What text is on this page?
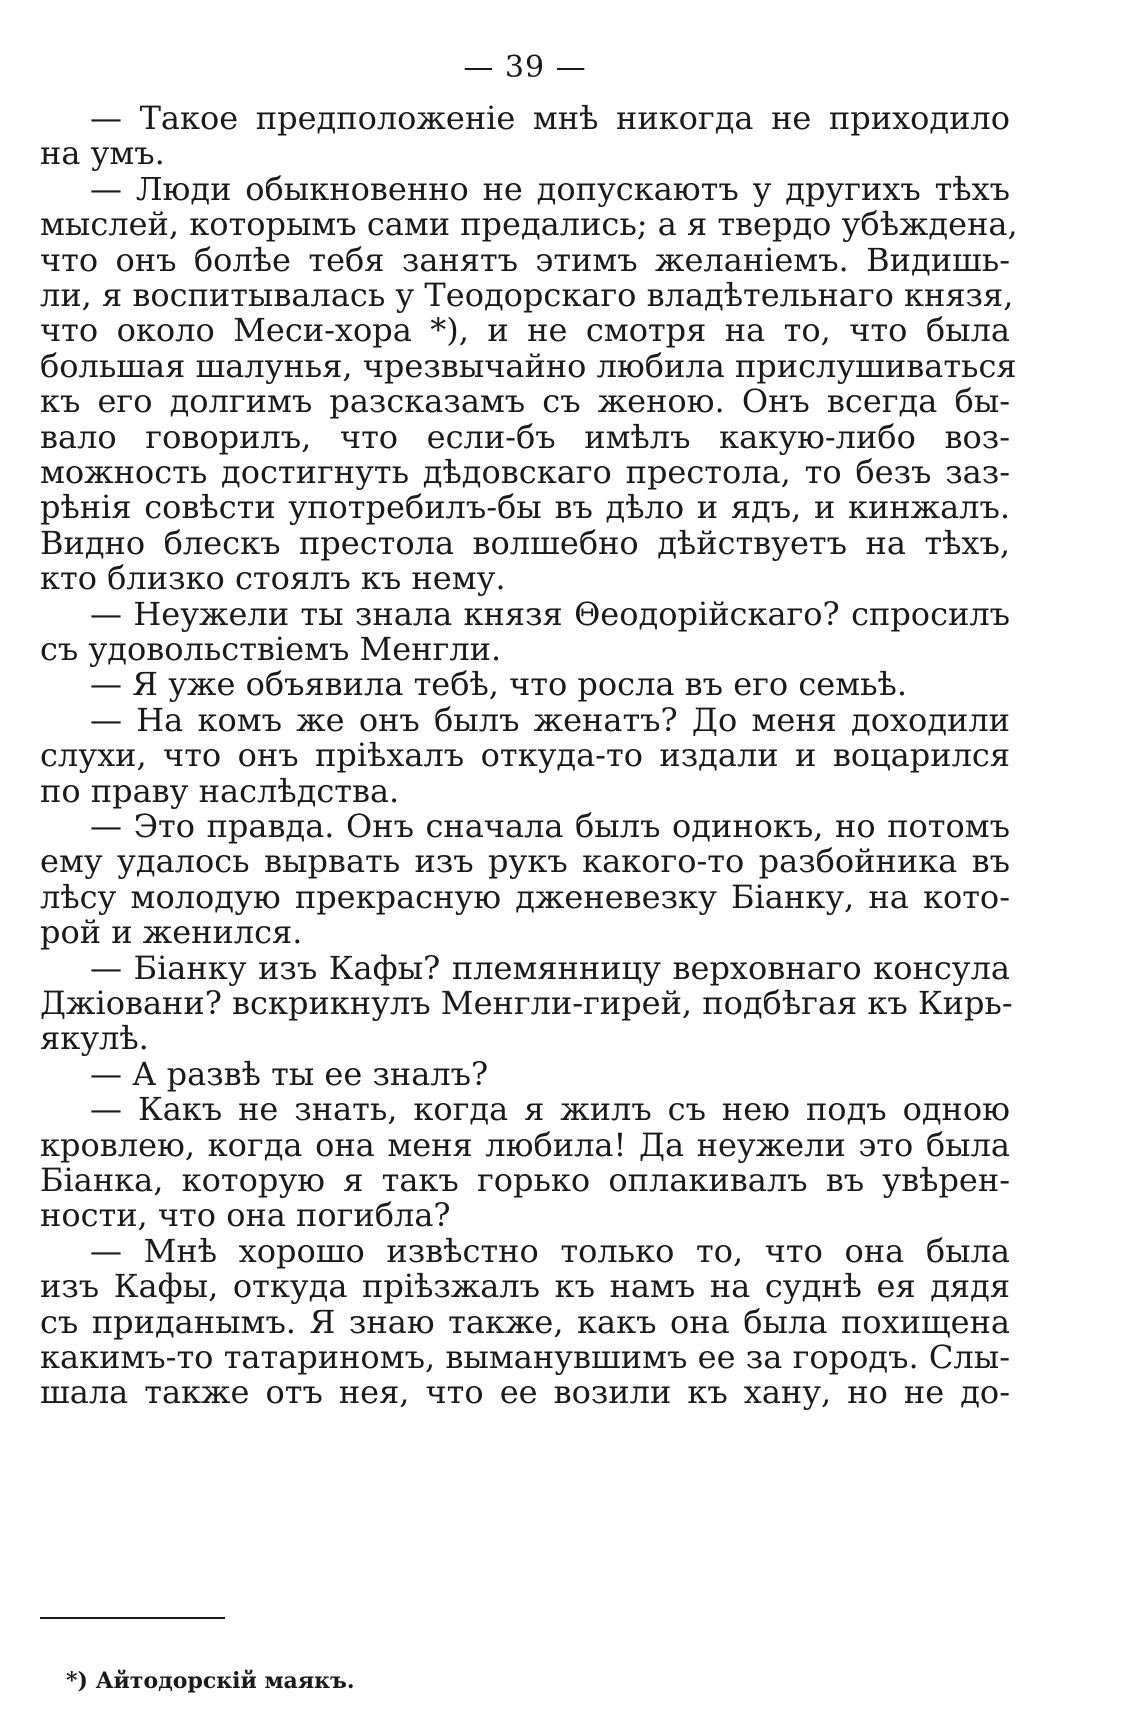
— 39 —
— Такое предположеніе мнѣ никогда не приходило
на умъ.
— Люди обыкновенно не допускаютъ у другихъ тѣхъ
мыслей, которымъ сами предались; а я твердо убѣждена,
что онъ болѣе тебя занятъ этимъ желаніемъ. Видишь-
ли, я воспитывалась у Теодорскаго владѣтельнаго князя,
что около Меси-хора *), и не смотря на то, что была
большая шалунья, чрезвычайно любила прислушиваться
къ его долгимъ разсказамъ съ женою. Онъ всегда бы-
вало говорилъ, что если-бъ имѣлъ какую-либо воз-
можность достигнуть дѣдовскаго престола, то безъ зaз-
рѣнія совѣсти употребилъ-бы въ дѣло и ядъ, и кинжалъ.
Видно блескъ престола волшебно дѣйствуетъ на тѣхъ,
кто близко стоялъ къ нему.
— Неужели ты знала князя Θеодорійскаго? спросилъ
съ удовольствіемъ Менгли.
— Я уже объявила тебѣ, что росла въ его семьѣ.
— На комъ же онъ былъ женатъ? До меня доходили
слухи, что онъ пріѣхалъ откуда-то издали и воцарился
по праву наслѣдства.
— Это правда. Онъ сначала былъ одинокъ, но потомъ
ему удалось вырвать изъ рукъ какого-то разбойника въ
лѣсу молодую прекрасную дженевезку Біанку, на кото-
рой и женился.
— Біанку изъ Кафы? племянницу верховнаго консула
Джіовани? вскрикнулъ Менгли-гирей, подбѣгая къ Кирь-
якулѣ.
— А развѣ ты ее зналъ?
— Какъ не знать, когда я жилъ съ нею подъ одною
кровлею, когда она меня любила! Да неужели это была
Біанка, которую я такъ горько оплакивалъ въ увѣрен-
ности, что она погибла?
— Мнѣ хорошо извѣстно только то, что она была
изъ Кафы, откуда пріѣзжалъ къ намъ на суднѣ ея дядя
съ приданымъ. Я знаю также, какъ она была похищена
какимъ-то татариномъ, выманувшимъ ее за городъ. Слы-
шала также отъ нея, что ее возили къ хану, но не до-
*) Айтодорскій маякъ.
